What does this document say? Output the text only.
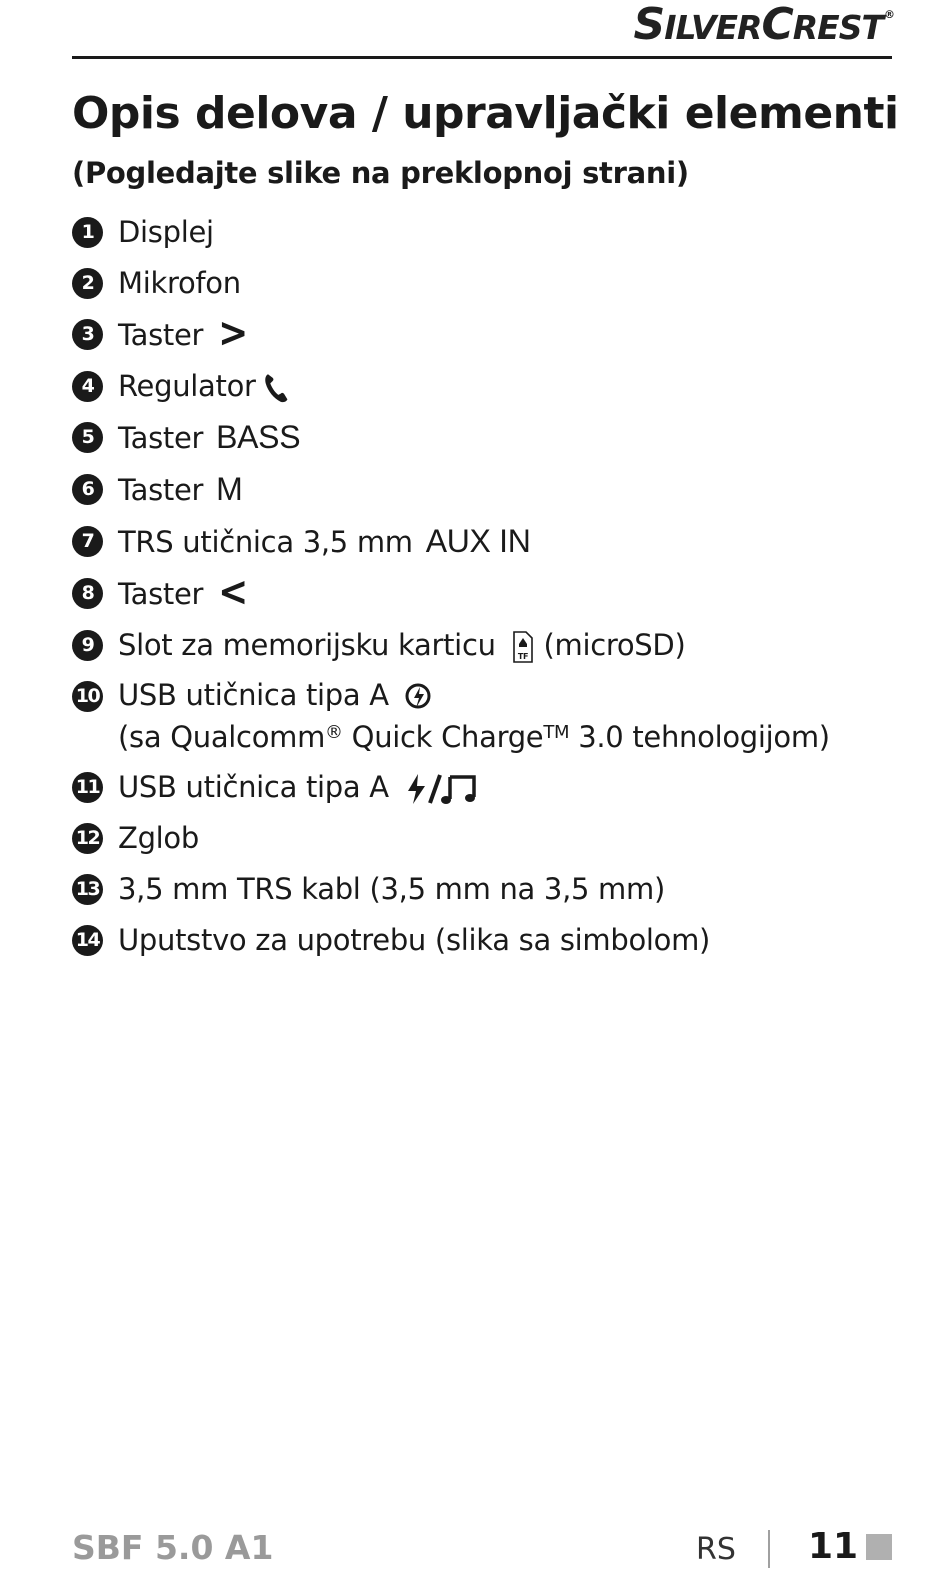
SILVERCREST®
Opis delova / upravljački elementi

(Pogledajte slike na preklopnoj strani)

1 Displej
2 Mikrofon
3 Taster >
4 Regulator
5 Taster BASS
6 Taster M
7 TRS utičnica 3,5 mm AUX IN
8 Taster <
9 Slot za memorijsku karticu	TF (microSD)
10 USB utičnica tipa A
(sa Qualcomm® Quick Charge™ 3.0 tehnologijom)
11 USB utičnica tipa A
12 Zglob
13 3,5 mm TRS kabl (3,5 mm na 3,5 mm)
14 Uputstvo za upotrebu (slika sa simbolom)
SBF 5.0 A1	RS 11
